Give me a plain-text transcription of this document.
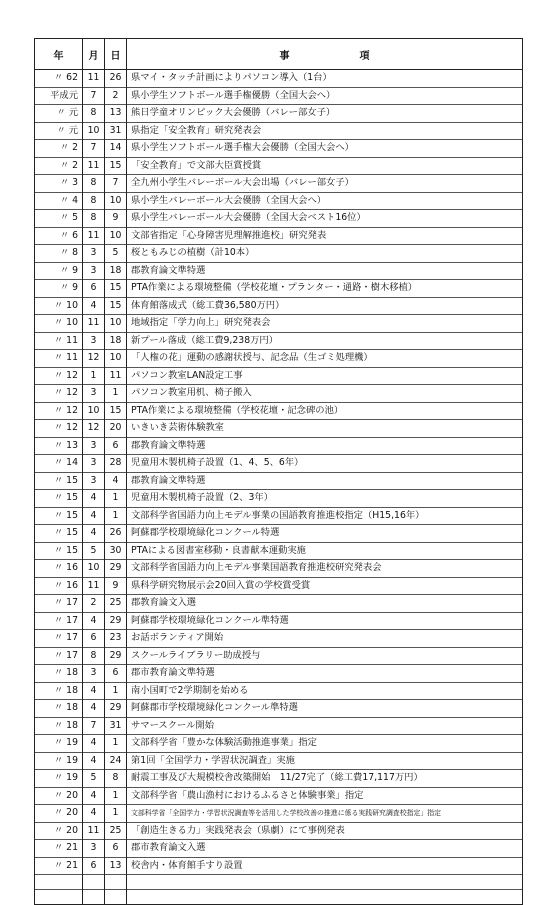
年	月	日	事 項
〃 62	11	26	県マイ・タッチ計画によりパソコン導入（1台）
平成元	7	2	県小学生ソフトボール選手権優勝（全国大会へ）
〃 元	8	13	熊日学童オリンピック大会優勝（バレー部女子）
〃 元	10	31	県指定「安全教育」研究発表会
〃 2	7	14	県小学生ソフトボール選手権大会優勝（全国大会へ）
〃 2	11	15	「安全教育」で文部大臣賞授賞
〃 3	8	7	全九州小学生バレーボール大会出場（バレー部女子）
〃 4	8	10	県小学生バレーボール大会優勝（全国大会へ）
〃 5	8	9	県小学生バレーボール大会優勝（全国大会ベスト16位）
〃 6	11	10	文部省指定「心身障害児理解推進校」研究発表
〃 8	3	5	桜ともみじの植樹（計10本）
〃 9	3	18	郡教育論文準特選
〃 9	6	15	PTA作業による環境整備（学校花壇・プランター・通路・樹木移植）
〃 10	4	15	体育館落成式（総工費36,580万円）
〃 10	11	10	地域指定「学力向上」研究発表会
〃 11	3	18	新プール落成（総工費9,238万円）
〃 11	12	10	「人権の花」運動の感謝状授与、記念品（生ゴミ処理機）
〃 12	1	11	パソコン教室LAN設定工事
〃 12	3	1	パソコン教室用机、椅子搬入
〃 12	10	15	PTA作業による環境整備（学校花壇・記念碑の池）
〃 12	12	20	いきいき芸術体験教室
〃 13	3	6	郡教育論文準特選
〃 14	3	28	児童用木製机椅子設置（1、4、5、6年）
〃 15	3	4	郡教育論文準特選
〃 15	4	1	児童用木製机椅子設置（2、3年）
〃 15	4	1	文部科学省国語力向上モデル事業の国語教育推進校指定（H15,16年）
〃 15	4	26	阿蘇郡学校環境緑化コンクール特選
〃 15	5	30	PTAによる図書室移動・良書献本運動実施
〃 16	10	29	文部科学省国語力向上モデル事業国語教育推進校研究発表会
〃 16	11	9	県科学研究物展示会20回入賞の学校賞受賞
〃 17	2	25	郡教育論文入選
〃 17	4	29	阿蘇郡学校環境緑化コンクール準特選
〃 17	6	23	お話ボランティア開始
〃 17	8	29	スクールライブラリー助成授与
〃 18	3	6	郡市教育論文準特選
〃 18	4	1	南小国町で2学期制を始める
〃 18	4	29	阿蘇郡市学校環境緑化コンクール準特選
〃 18	7	31	サマースクール開始
〃 19	4	1	文部科学省「豊かな体験活動推進事業」指定
〃 19	4	24	第1回「全国学力・学習状況調査」実施
〃 19	5	8	耐震工事及び大規模校舎改築開始　11/27完了（総工費17,117万円）
〃 20	4	1	文部科学省「農山漁村におけるふるさと体験事業」指定
〃 20	4	1	文部科学省「全国学力・学習状況調査等を活用した学校改善の推進に係る実践研究調査校指定」指定
〃 20	11	25	「創造生きる力」実践発表会（県劇）にて事例発表
〃 21	3	6	郡市教育論文入選
〃 21	6	13	校舎内・体育館手すり設置
